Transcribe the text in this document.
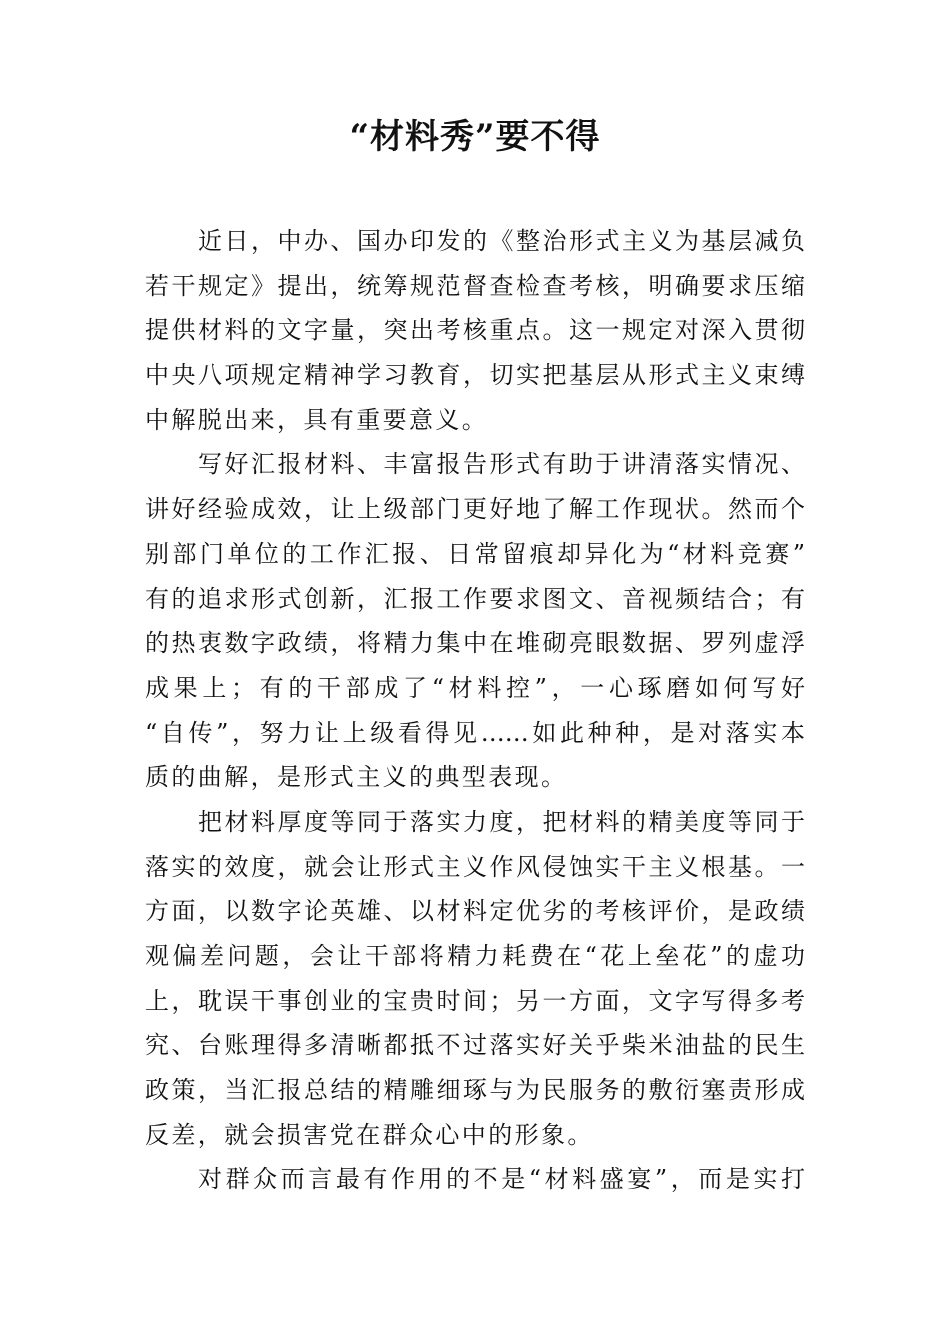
“材料秀”要不得
近日，中办、国办印发的《整治形式主义为基层减负
若干规定》提出，统筹规范督查检查考核，明确要求压缩
提供材料的文字量，突出考核重点。这一规定对深入贯彻
中央八项规定精神学习教育，切实把基层从形式主义束缚
中解脱出来，具有重要意义。
写好汇报材料、丰富报告形式有助于讲清落实情况、
讲好经验成效，让上级部门更好地了解工作现状。然而个
别部门单位的工作汇报、日常留痕却异化为“材料竞赛”
有的追求形式创新，汇报工作要求图文、音视频结合；有
的热衷数字政绩，将精力集中在堆砌亮眼数据、罗列虚浮
成果上；有的干部成了“材料控”，一心琢磨如何写好
“自传”，努力让上级看得见……如此种种，是对落实本
质的曲解，是形式主义的典型表现。
把材料厚度等同于落实力度，把材料的精美度等同于
落实的效度，就会让形式主义作风侵蚀实干主义根基。一
方面，以数字论英雄、以材料定优劣的考核评价，是政绩
观偏差问题，会让干部将精力耗费在“花上垒花”的虚功
上，耽误干事创业的宝贵时间；另一方面，文字写得多考
究、台账理得多清晰都抵不过落实好关乎柴米油盐的民生
政策，当汇报总结的精雕细琢与为民服务的敷衍塞责形成
反差，就会损害党在群众心中的形象。
对群众而言最有作用的不是“材料盛宴”，而是实打
